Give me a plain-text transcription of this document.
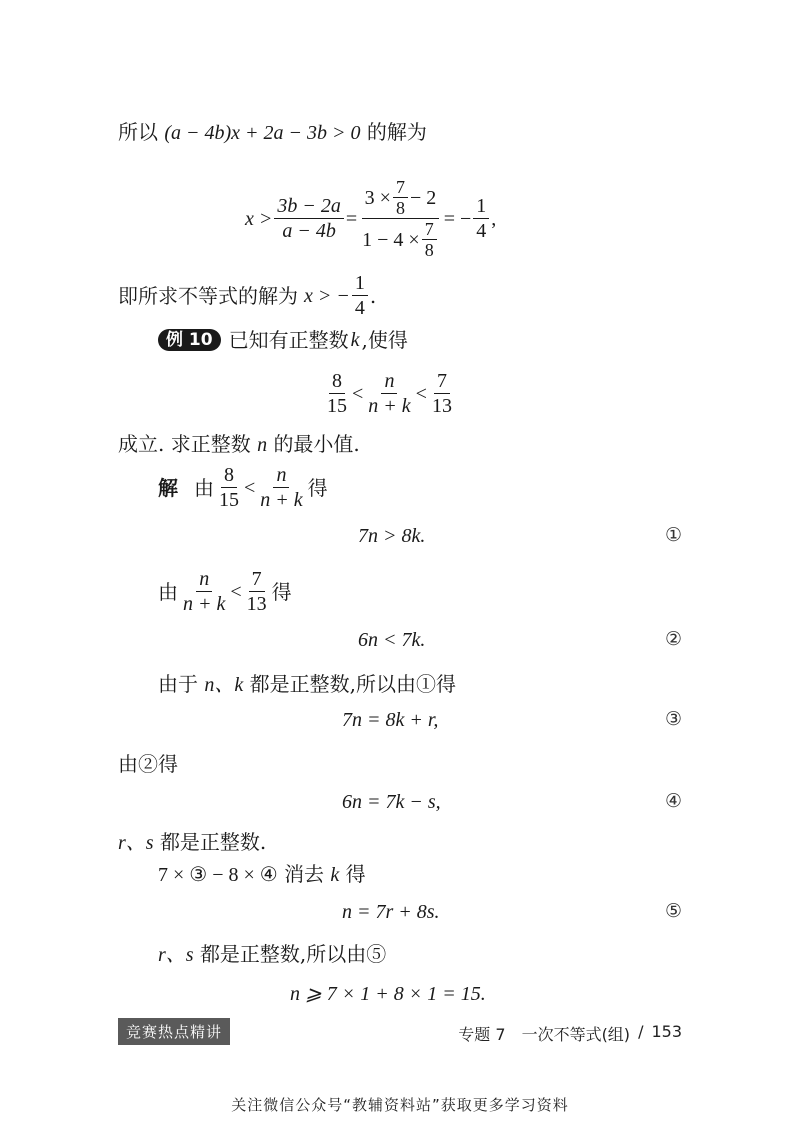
所以 (a − 4b)x + 2a − 3b > 0 的解为
$x > \frac{3b - 2a}{a - 4b} = \frac{3 \times \frac{7}{8} - 2}{1 - 4 \times \frac{7}{8}}$ = − $\frac{1}{4}$ ,
即所求不等式的解为 x > − $\frac{1}{4}$ .
例 10 已知有正整数 k ,使得
$\frac{8}{15} < \frac{n}{n + k} < \frac{7}{13}$
成立. 求正整数 n 的最小值.
解 由 $\frac{8}{15} < \frac{n}{n + k}$ 得
7n > 8k.	①
由 $\frac{n}{n + k} < \frac{7}{13}$ 得
6n < 7k.	②
由于 n、k 都是正整数,所以由①得
7n = 8k + r,	③
由②得
6n = 7k − s,	④
r、s 都是正整数.
7 × ③ − 8 × ④ 消去 k 得
n = 7r + 8s.	⑤
r、s 都是正整数,所以由⑤
n ⩾ 7 × 1 + 8 × 1 = 15.
竞赛热点精讲	专题 7　一次不等式(组) / 153
关注微信公众号“教辅资料站”获取更多学习资料
